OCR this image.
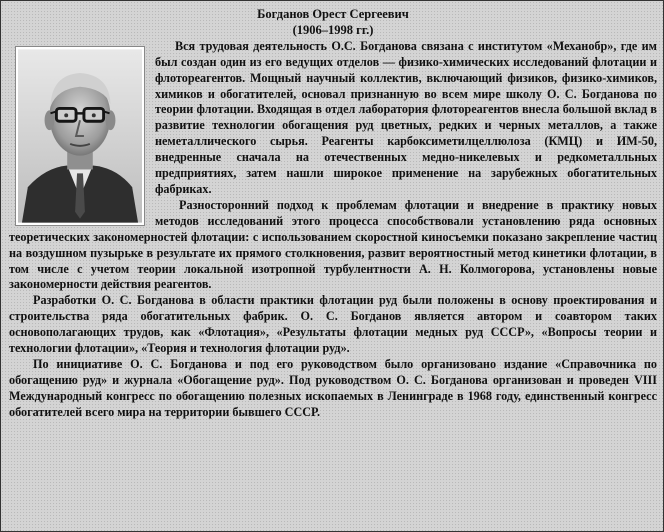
Богданов Орест Сергеевич
(1906–1998 гг.)

Вся трудовая деятельность О.С. Богданова связана с институтом «Механобр», где им был создан один из его ведущих отделов — физико-химических исследований флотации и флотореагентов. Мощный научный коллектив, включающий физиков, физико-химиков, химиков и обогатителей, основал признанную во всем мире школу О. С. Богданова по теории флотации. Входящая в отдел лаборатория флотореагентов внесла большой вклад в развитие технологии обогащения руд цветных, редких и черных металлов, а также неметаллического сырья. Реагенты карбоксиметилцеллюлоза (КМЦ) и ИМ-50, внедренные сначала на отечественных медно-никелевых и редкометалльных предприятиях, затем нашли широкое применение на зарубежных обогатительных фабриках.

Разносторонний подход к проблемам флотации и внедрение в практику новых методов исследований этого процесса способствовали установлению ряда основных теоретических закономерностей флотации: с использованием скоростной киносъемки показано закрепление частиц на воздушном пузырьке в результате их прямого столкновения, развит вероятностный метод кинетики флотации, в том числе с учетом теории локальной изотропной турбулентности А. Н. Колмогорова, установлены новые закономерности действия реагентов.

Разработки О. С. Богданова в области практики флотации руд были положены в основу проектирования и строительства ряда обогатительных фабрик. О. С. Богданов является автором и соавтором таких основополагающих трудов, как «Флотация», «Результаты флотации медных руд СССР», «Вопросы теории и технологии флотации», «Теория и технология флотации руд».

По инициативе О. С. Богданова и под его руководством было организовано издание «Справочника по обогащению руд» и журнала «Обогащение руд». Под руководством О. С. Богданова организован и проведен VIII Международный конгресс по обогащению полезных ископаемых в Ленинграде в 1968 году, единственный конгресс обогатителей всего мира на территории бывшего СССР.
